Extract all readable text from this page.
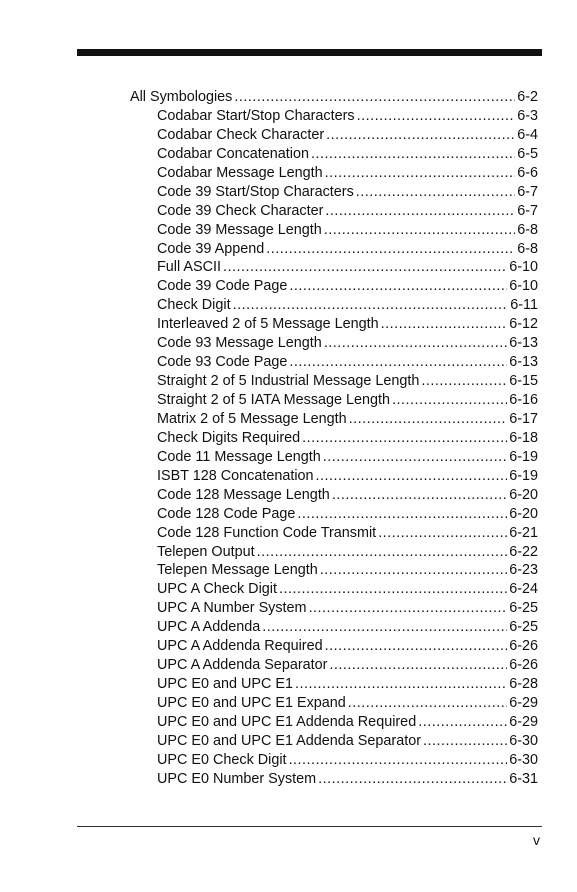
All Symbologies .....	6-2
Codabar Start/Stop Characters .....	6-3
Codabar Check Character .....	6-4
Codabar Concatenation .....	6-5
Codabar Message Length .....	6-6
Code 39 Start/Stop Characters .....	6-7
Code 39 Check Character .....	6-7
Code 39 Message Length .....	6-8
Code 39 Append .....	6-8
Full ASCII .....	6-10
Code 39 Code Page .....	6-10
Check Digit .....	6-11
Interleaved 2 of 5 Message Length .....	6-12
Code 93 Message Length .....	6-13
Code 93 Code Page .....	6-13
Straight 2 of 5 Industrial Message Length .....	6-15
Straight 2 of 5 IATA Message Length .....	6-16
Matrix 2 of 5 Message Length .....	6-17
Check Digits Required .....	6-18
Code 11 Message Length .....	6-19
ISBT 128 Concatenation .....	6-19
Code 128 Message Length .....	6-20
Code 128 Code Page .....	6-20
Code 128 Function Code Transmit .....	6-21
Telepen Output .....	6-22
Telepen Message Length .....	6-23
UPC A Check Digit .....	6-24
UPC A Number System .....	6-25
UPC A Addenda .....	6-25
UPC A Addenda Required .....	6-26
UPC A Addenda Separator .....	6-26
UPC E0 and UPC E1 .....	6-28
UPC E0 and UPC E1 Expand .....	6-29
UPC E0 and UPC E1 Addenda Required .....	6-29
UPC E0 and UPC E1 Addenda Separator .....	6-30
UPC E0 Check Digit .....	6-30
UPC E0 Number System .....	6-31
v
